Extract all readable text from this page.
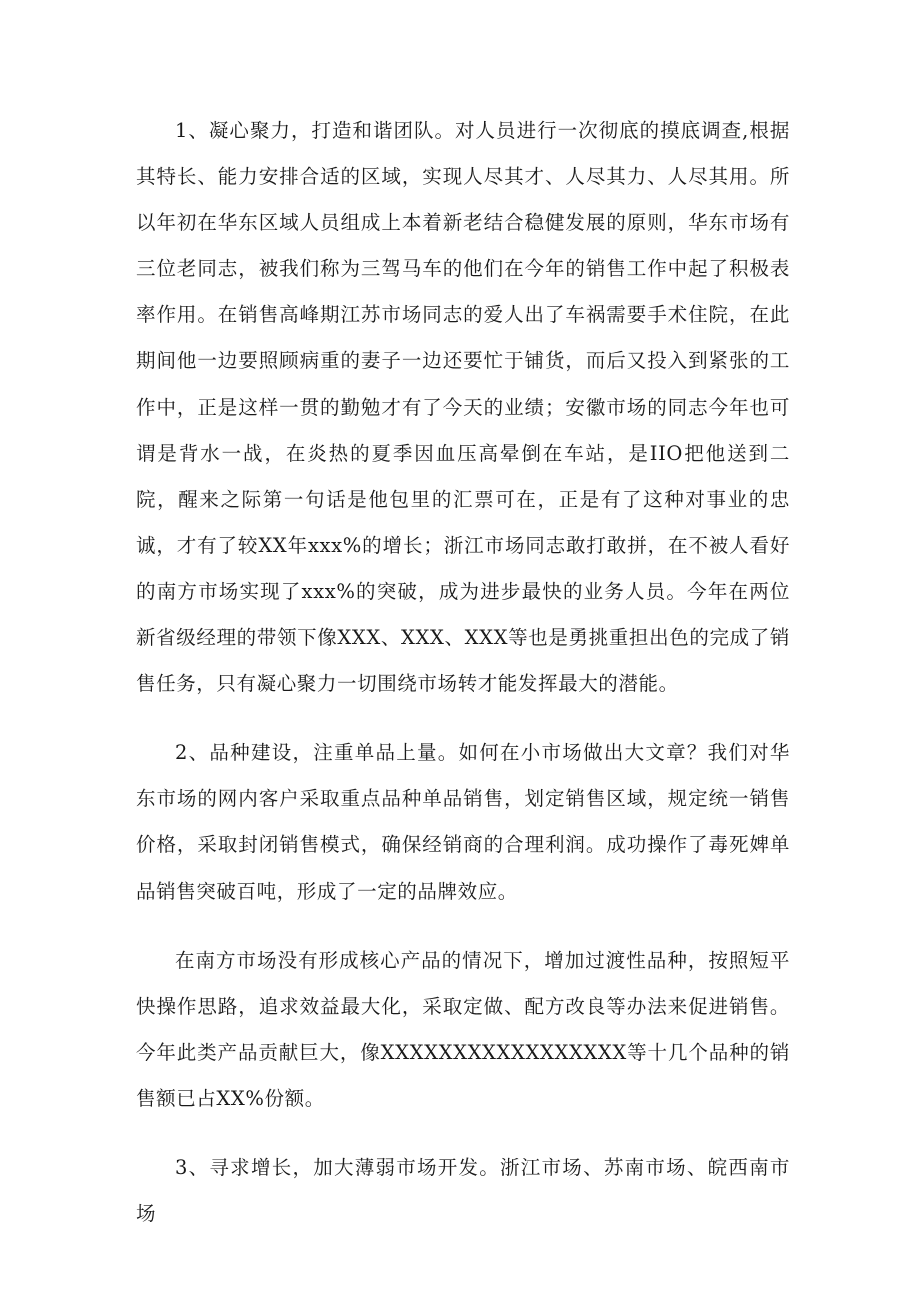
1、凝心聚力，打造和谐团队。对人员进行一次彻底的摸底调查,根据其特长、能力安排合适的区域，实现人尽其才、人尽其力、人尽其用。所以年初在华东区域人员组成上本着新老结合稳健发展的原则，华东市场有三位老同志，被我们称为三驾马车的他们在今年的销售工作中起了积极表率作用。在销售高峰期江苏市场同志的爱人出了车祸需要手术住院，在此期间他一边要照顾病重的妻子一边还要忙于铺货，而后又投入到紧张的工作中，正是这样一贯的勤勉才有了今天的业绩；安徽市场的同志今年也可谓是背水一战，在炎热的夏季因血压高晕倒在车站，是IIO把他送到二院，醒来之际第一句话是他包里的汇票可在，正是有了这种对事业的忠诚，才有了较XX年xxx%的增长；浙江市场同志敢打敢拼，在不被人看好的南方市场实现了xxx%的突破，成为进步最快的业务人员。今年在两位新省级经理的带领下像XXX、XXX、XXX等也是勇挑重担出色的完成了销售任务，只有凝心聚力一切围绕市场转才能发挥最大的潜能。

2、品种建设，注重单品上量。如何在小市场做出大文章？我们对华东市场的网内客户采取重点品种单品销售，划定销售区域，规定统一销售价格，采取封闭销售模式，确保经销商的合理利润。成功操作了毒死婢单品销售突破百吨，形成了一定的品牌效应。

在南方市场没有形成核心产品的情况下，增加过渡性品种，按照短平快操作思路，追求效益最大化，采取定做、配方改良等办法来促进销售。今年此类产品贡献巨大，像XXXXXXXXXXXXXXXXX等十几个品种的销售额已占XX%份额。

3、寻求增长，加大薄弱市场开发。浙江市场、苏南市场、皖西南市场
